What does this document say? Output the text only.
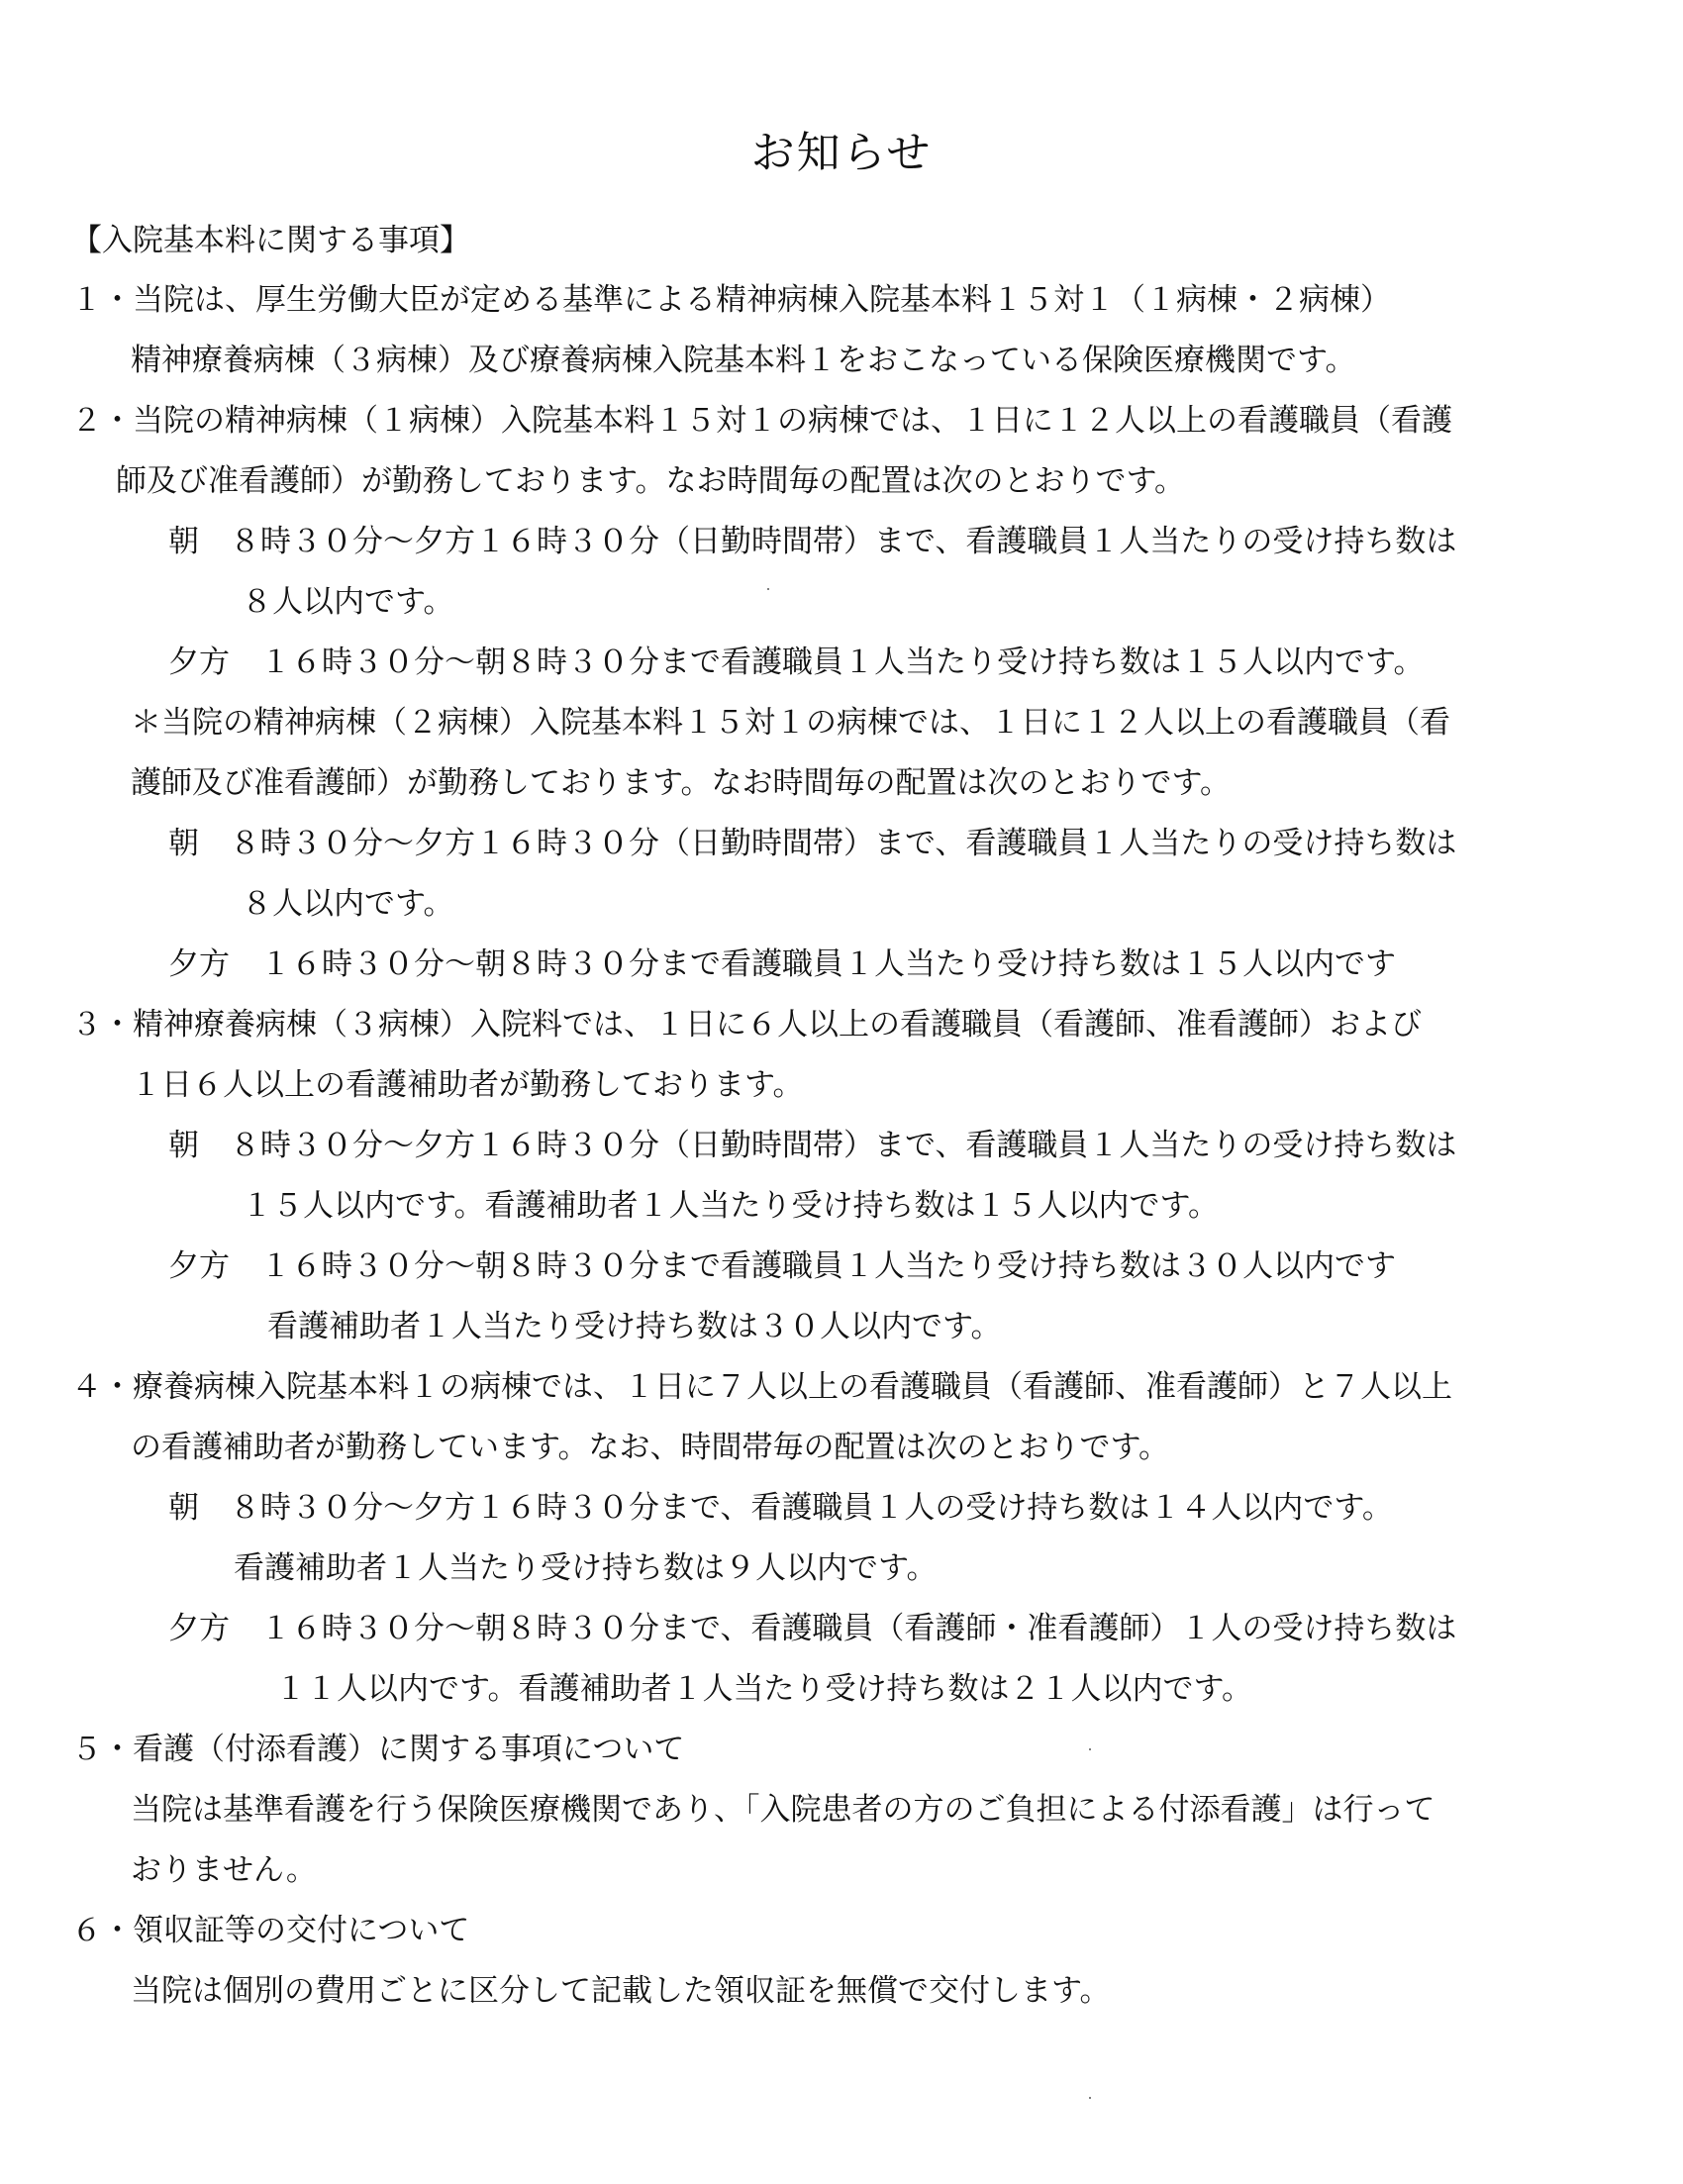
お知らせ
【入院基本料に関する事項】
１・当院は、厚生労働大臣が定める基準による精神病棟入院基本料１５対１（１病棟・２病棟）
精神療養病棟（３病棟）及び療養病棟入院基本料１をおこなっている保険医療機関です。
２・当院の精神病棟（１病棟）入院基本料１５対１の病棟では、１日に１２人以上の看護職員（看護
師及び准看護師）が勤務しております。なお時間毎の配置は次のとおりです。
朝　８時３０分～夕方１６時３０分（日勤時間帯）まで、看護職員１人当たりの受け持ち数は
８人以内です。
夕方　１６時３０分～朝８時３０分まで看護職員１人当たり受け持ち数は１５人以内です。
＊当院の精神病棟（２病棟）入院基本料１５対１の病棟では、１日に１２人以上の看護職員（看
護師及び准看護師）が勤務しております。なお時間毎の配置は次のとおりです。
朝　８時３０分～夕方１６時３０分（日勤時間帯）まで、看護職員１人当たりの受け持ち数は
８人以内です。
夕方　１６時３０分～朝８時３０分まで看護職員１人当たり受け持ち数は１５人以内です
３・精神療養病棟（３病棟）入院料では、１日に６人以上の看護職員（看護師、准看護師）および
１日６人以上の看護補助者が勤務しております。
朝　８時３０分～夕方１６時３０分（日勤時間帯）まで、看護職員１人当たりの受け持ち数は
１５人以内です。看護補助者１人当たり受け持ち数は１５人以内です。
夕方　１６時３０分～朝８時３０分まで看護職員１人当たり受け持ち数は３０人以内です
看護補助者１人当たり受け持ち数は３０人以内です。
４・療養病棟入院基本料１の病棟では、１日に７人以上の看護職員（看護師、准看護師）と７人以上
の看護補助者が勤務しています。なお、時間帯毎の配置は次のとおりです。
朝　８時３０分～夕方１６時３０分まで、看護職員１人の受け持ち数は１４人以内です。
看護補助者１人当たり受け持ち数は９人以内です。
夕方　１６時３０分～朝８時３０分まで、看護職員（看護師・准看護師）１人の受け持ち数は
１１人以内です。看護補助者１人当たり受け持ち数は２１人以内です。
５・看護（付添看護）に関する事項について
当院は基準看護を行う保険医療機関であり、「入院患者の方のご負担による付添看護」は行って
おりません。
６・領収証等の交付について
当院は個別の費用ごとに区分して記載した領収証を無償で交付します。
